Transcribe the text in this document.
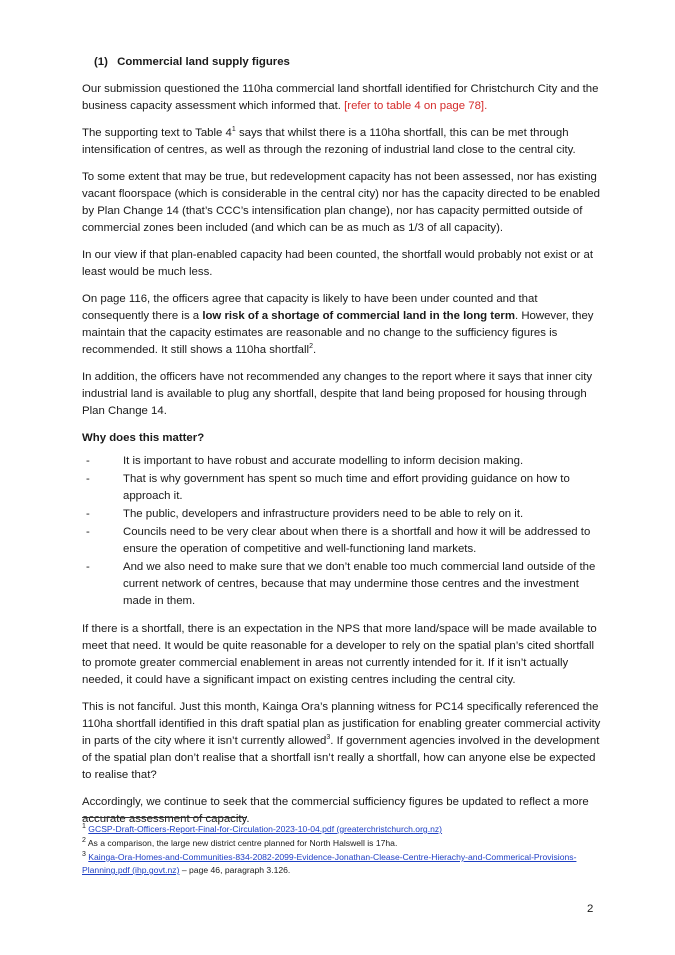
(1) Commercial land supply figures

Our submission questioned the 110ha commercial land shortfall identified for Christchurch City and the business capacity assessment which informed that. [refer to table 4 on page 78].

The supporting text to Table $4^1$ says that whilst there is a 110ha shortfall, this can be met through intensification of centres, as well as through the rezoning of industrial land close to the central city.

To some extent that may be true, but redevelopment capacity has not been assessed, nor has existing vacant floorspace (which is considerable in the central city) nor has the capacity directed to be enabled by Plan Change 14 (that’s CCC’s intensification plan change), nor has capacity permitted outside of commercial zones been included (and which can be as much as 1/3 of all capacity).

In our view if that plan-enabled capacity had been counted, the shortfall would probably not exist or at least would be much less.

On page 116, the officers agree that capacity is likely to have been under counted and that consequently there is a low risk of a shortage of commercial land in the long term. However, they maintain that the capacity estimates are reasonable and no change to the sufficiency figures is recommended. It still shows a 110ha shortfall$^2$.

In addition, the officers have not recommended any changes to the report where it says that inner city industrial land is available to plug any shortfall, despite that land being proposed for housing through Plan Change 14.

Why does this matter?
-	It is important to have robust and accurate modelling to inform decision making.
-	That is why government has spent so much time and effort providing guidance on how to approach it.
-	The public, developers and infrastructure providers need to be able to rely on it.
-	Councils need to be very clear about when there is a shortfall and how it will be addressed to ensure the operation of competitive and well-functioning land markets.
-	And we also need to make sure that we don’t enable too much commercial land outside of the current network of centres, because that may undermine those centres and the investment made in them.

If there is a shortfall, there is an expectation in the NPS that more land/space will be made available to meet that need. It would be quite reasonable for a developer to rely on the spatial plan’s cited shortfall to promote greater commercial enablement in areas not currently intended for it. If it isn’t actually needed, it could have a significant impact on existing centres including the central city.

This is not fanciful. Just this month, Kainga Ora’s planning witness for PC14 specifically referenced the 110ha shortfall identified in this draft spatial plan as justification for enabling greater commercial activity in parts of the city where it isn’t currently allowed$^3$. If government agencies involved in the development of the spatial plan don’t realise that a shortfall isn’t really a shortfall, how can anyone else be expected to realise that?

Accordingly, we continue to seek that the commercial sufficiency figures be updated to reflect a more accurate assessment of capacity.

$^1$ GCSP-Draft-Officers-Report-Final-for-Circulation-2023-10-04.pdf (greaterchristchurch.org.nz)
$^2$ As a comparison, the large new district centre planned for North Halswell is 17ha.
$^3$ Kainga-Ora-Homes-and-Communities-834-2082-2099-Evidence-Jonathan-Clease-Centre-Hierachy-and-Commerical-Provisions-Planning.pdf (ihp.govt.nz) – page 46, paragraph 3.126.
2
